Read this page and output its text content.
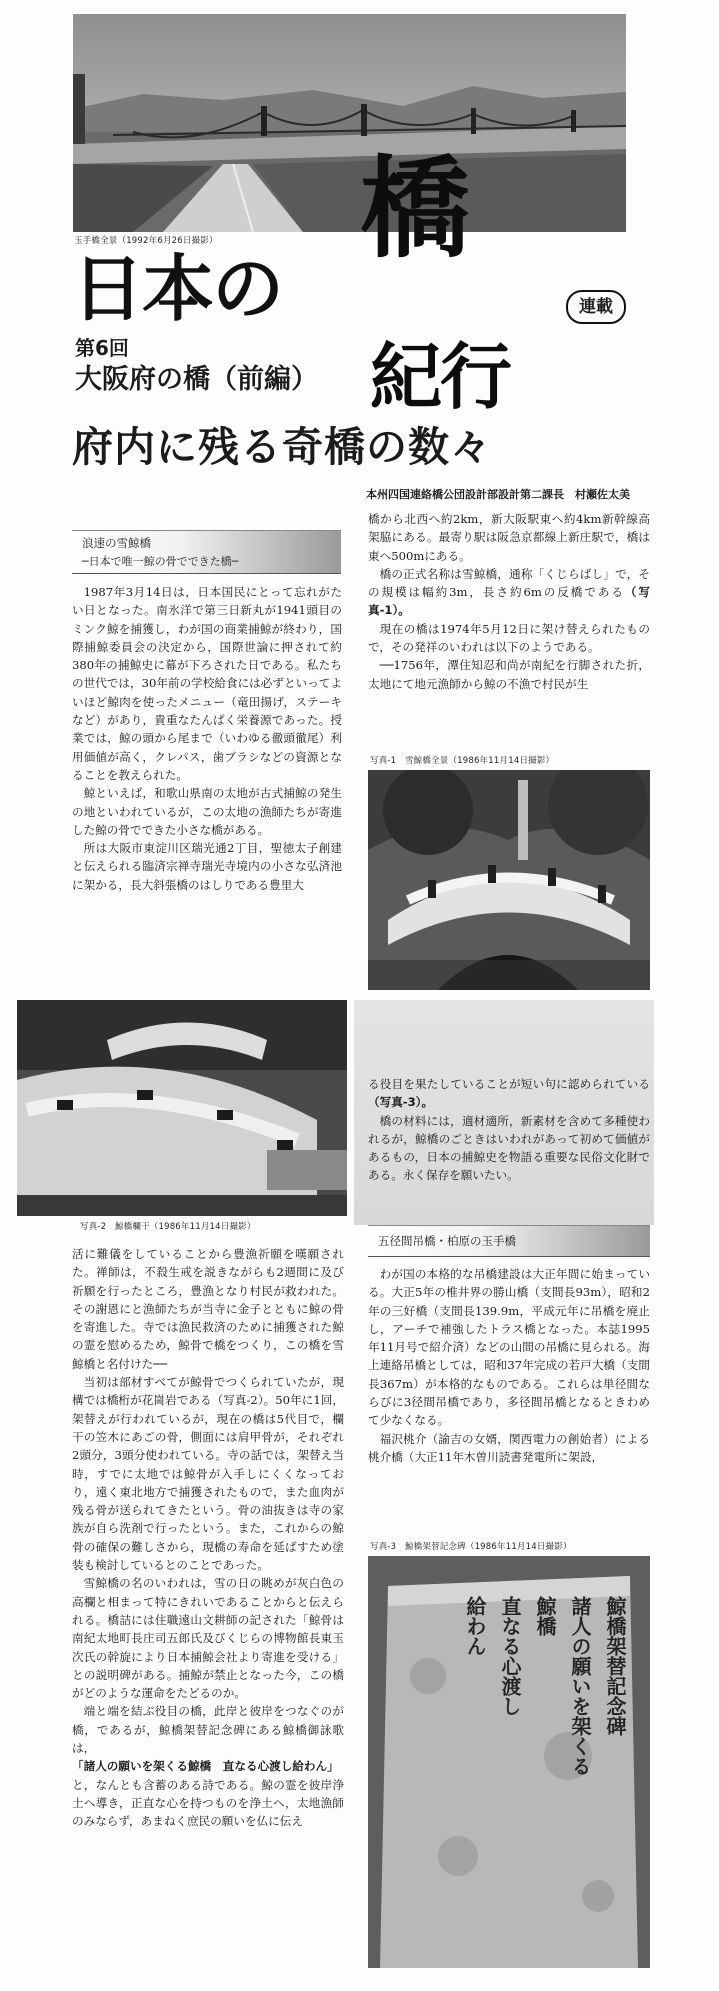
玉手橋全景（1992年6月26日撮影）
日本の
橋
紀行
連載
第6回
大阪府の橋（前編）
府内に残る奇橋の数々
本州四国連絡橋公団設計部設計第二課長　村瀬佐太美
浪速の雪鯨橋
─日本で唯一鯨の骨でできた橋─

1987年3月14日は，日本国民にとって忘れがたい日となった。南氷洋で第三日新丸が1941頭目のミンク鯨を捕獲し，わが国の商業捕鯨が終わり，国際捕鯨委員会の決定から，国際世論に押されて約380年の捕鯨史に幕が下ろされた日である。私たちの世代では，30年前の学校給食には必ずといってよいほど鯨肉を使ったメニュー（竜田揚げ，ステーキなど）があり，貴重なたんぱく栄養源であった。授業では，鯨の頭から尾まで（いわゆる徹頭徹尾）利用価値が高く，クレパス，歯ブラシなどの資源となることを教えられた。

鯨といえば，和歌山県南の太地が古式捕鯨の発生の地といわれているが，この太地の漁師たちが寄進した鯨の骨でできた小さな橋がある。

所は大阪市東淀川区瑞光通2丁目，聖徳太子創建と伝えられる臨済宗禅寺瑞光寺境内の小さな弘済池に架かる，長大斜張橋のはしりである豊里大

橋から北西へ約2km，新大阪駅東へ約4km新幹線高架脇にある。最寄り駅は阪急京都線上新庄駅で，橋は東へ500mにある。

橋の正式名称は雪鯨橋，通称「くじらばし」で，その規模は幅約3m，長さ約6mの反橋である（写真-1）。

現在の橋は1974年5月12日に架け替えられたもので，その発祥のいわれは以下のようである。

──1756年，潭住知忍和尚が南紀を行脚された折，太地にて地元漁師から鯨の不漁で村民が生

写真-1　雪鯨橋全景（1986年11月14日撮影）
写真-2　鯨橋欄干（1986年11月14日撮影）

る役目を果たしていることが短い句に認められている（写真-3）。

橋の材料には，適材適所，新素材を含めて多種使われるが，鯨橋のごときはいわれがあって初めて価値があるもの，日本の捕鯨史を物語る重要な民俗文化財である。永く保存を願いたい。

五径間吊橋・柏原の玉手橋

わが国の本格的な吊橋建設は大正年間に始まっている。大正5年の椎井界の勝山橋（支間長93m），昭和2年の三好橋（支間長139.9m，平成元年に吊橋を廃止し，アーチで補強したトラス橋となった。本誌1995年11月号で紹介済）などの山間の吊橋に見られる。海上連絡吊橋としては，昭和37年完成の若戸大橋（支間長367m）が本格的なものである。これらは単径間ならびに3径間吊橋であり，多径間吊橋となるときわめて少なくなる。

福沢桃介（諭吉の女婿，関西電力の創始者）による桃介橋（大正11年木曽川読書発電所に架設，

写真-3　鯨橋架替記念碑（1986年11月14日撮影）
鯨橋架替記念碑
諸人の願いを架くる
鯨橋
直なる心渡し
給わん

活に難儀をしていることから豊漁祈願を嘆願された。禅師は，不殺生戒を説きながらも2週間に及び祈願を行ったところ，豊漁となり村民が救われた。その謝恩にと漁師たちが当寺に金子とともに鯨の骨を寄進した。寺では漁民救済のために捕獲された鯨の霊を慰めるため，鯨骨で橋をつくり，この橋を雪鯨橋と名付けた──

当初は部材すべてが鯨骨でつくられていたが，現構では橋桁が花崗岩である（写真-2）。50年に1回，架替えが行われているが，現在の橋は5代目で，欄干の笠木にあごの骨，側面には肩甲骨が，それぞれ2頭分，3頭分使われている。寺の話では，架替え当時，すでに太地では鯨骨が入手しにくくなっており，遠く東北地方で捕獲されたもので，また血肉が残る骨が送られてきたという。骨の油抜きは寺の家族が自ら洗剤で行ったという。また，これからの鯨骨の確保の難しさから，現橋の寿命を延ばすため塗装も検討しているとのことであった。

雪鯨橋の名のいわれは，雪の日の眺めが灰白色の高欄と相まって特にきれいであることからと伝えられる。橋詰には住職遠山文耕師の記された「鯨骨は南紀太地町長庄司五郎氏及びくじらの博物館長東玉次氏の幹旋により日本捕鯨会社より寄進を受ける」との説明碑がある。捕鯨が禁止となった今，この橋がどのような運命をたどるのか。

端と端を結ぶ役目の橋，此岸と彼岸をつなぐのが橋，であるが，鯨橋架替記念碑にある鯨橋御詠歌は，

「諸人の願いを架くる鯨橋　直なる心渡し給わん」

と，なんとも含蓄のある詩である。鯨の霊を彼岸浄土へ導き，正直な心を持つものを浄土へ，太地漁師のみならず，あまねく庶民の願いを仏に伝え
